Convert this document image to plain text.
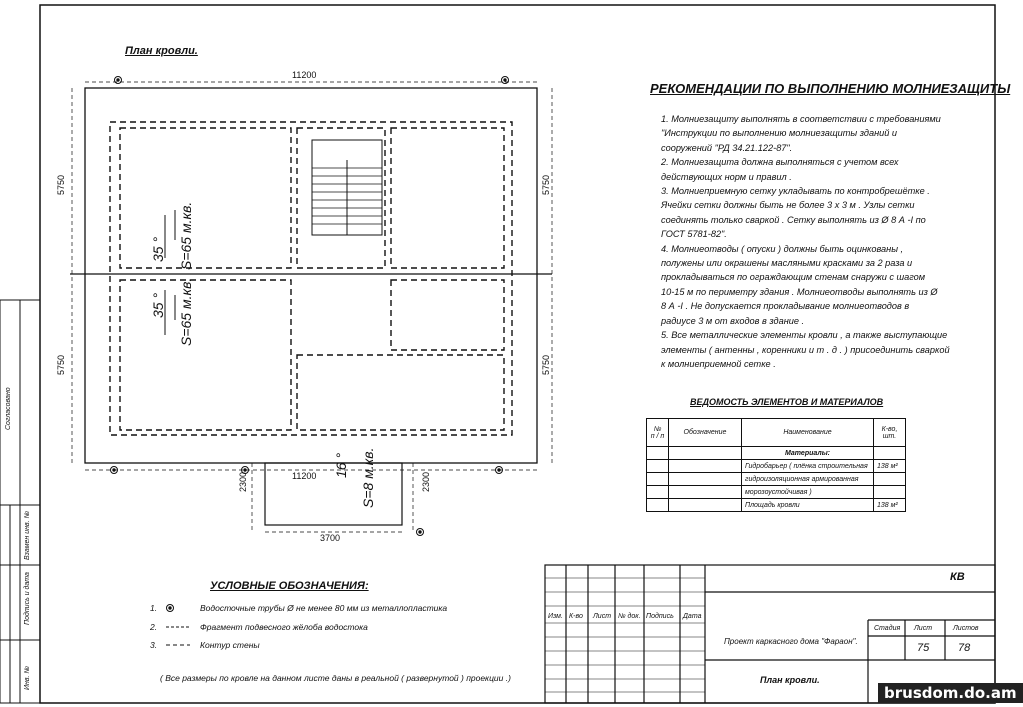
План кровли.
11200
11200
3700
5750
5750
5750
5750
2300	2300
35 ° S=65 м.кв.
35 ° S=65 м.кв.
16 ° S=8 м.кв.
РЕКОМЕНДАЦИИ ПО ВЫПОЛНЕНИЮ МОЛНИЕЗАЩИТЫ

1. Молниезащиту выполнять в соответствии с требованиями
"Инструкции по выполнению молниезащиты зданий и
сооружений "РД 34.21.122-87".

2. Молниезащита должна выполняться с учетом всех
действующих норм и правил .

3. Молниеприемную сетку укладывать по контробрешётке .
Ячейки сетки должны быть не более 3 х 3 м . Узлы сетки
соединять только сваркой . Сетку выполнять из Ø 8 А -I по
ГОСТ 5781-82".

4. Молниеотводы ( опуски ) должны быть оцинкованы ,
полужены или окрашены масляными красками за 2 раза и
прокладываться по ограждающим стенам снаружи с шагом
10-15 м по периметру здания . Молниеотводы выполнять из Ø
8 А -I . Не допускается прокладывание молниеотводов в
радиусе 3 м от входов в здание .

5. Все металлические элементы кровли , а также выступающие
элементы ( антенны , коренники и т . д . ) присоединить сваркой
к молниеприемной сетке .

ВЕДОМОСТЬ ЭЛЕМЕНТОВ И МАТЕРИАЛОВ
№
п / п	Обозначение	Наименование	К-во,
шт.
		Материалы:	
		Гидробарьер ( плёнка строительная	138 м²
		гидроизоляционная армированная	
		морозоустойчивая )	
		Площадь кровли	138 м²
УСЛОВНЫЕ ОБОЗНАЧЕНИЯ:
1.	Водосточные трубы Ø не менее 80 мм из металлопластика
2.	Фрагмент подвесного жёлоба водостока
3.	Контур стены
( Все размеры по кровле на данном листе даны в реальной ( развернутой ) проекции .)
КВ
Изм. К-во Лист № док. Подпись Дата
Проект каркасного дома "Фараон".
Стадия Лист	Листов
75	78
План кровли.
Согласовано
Взамен инв. №
Подпись и дата
Инв. №
brusdom.do.am
